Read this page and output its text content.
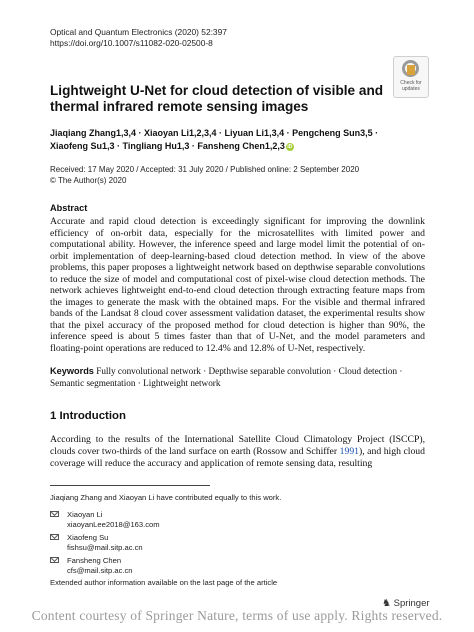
Optical and Quantum Electronics (2020) 52:397
https://doi.org/10.1007/s11082-020-02500-8
Check for
updates
Lightweight U-Net for cloud detection of visible and thermal infrared remote sensing images
Jiaqiang Zhang1,3,4 · Xiaoyan Li1,2,3,4 · Liyuan Li1,3,4 · Pengcheng Sun3,5 ·
Xiaofeng Su1,3 · Tingliang Hu1,3 · Fansheng Chen1,2,3 iD
Received: 17 May 2020 / Accepted: 31 July 2020 / Published online: 2 September 2020
© The Author(s) 2020
Abstract
Accurate and rapid cloud detection is exceedingly significant for improving the downlink efficiency of on-orbit data, especially for the microsatellites with limited power and computational ability. However, the inference speed and large model limit the potential of on-orbit implementation of deep-learning-based cloud detection method. In view of the above problems, this paper proposes a lightweight network based on depthwise separable convolutions to reduce the size of model and computational cost of pixel-wise cloud detection methods. The network achieves lightweight end-to-end cloud detection through extracting feature maps from the images to generate the mask with the obtained maps. For the visible and thermal infrared bands of the Landsat 8 cloud cover assessment validation dataset, the experimental results show that the pixel accuracy of the proposed method for cloud detection is higher than 90%, the inference speed is about 5 times faster than that of U-Net, and the model parameters and floating-point operations are reduced to 12.4% and 12.8% of U-Net, respectively.
Keywords Fully convolutional network · Depthwise separable convolution · Cloud detection · Semantic segmentation · Lightweight network
1 Introduction
According to the results of the International Satellite Cloud Climatology Project (ISCCP), clouds cover two-thirds of the land surface on earth (Rossow and Schiffer 1991), and high cloud coverage will reduce the accuracy and application of remote sensing data, resulting
Jiaqiang Zhang and Xiaoyan Li have contributed equally to this work.
Xiaoyan Li
xiaoyanLee2018@163.com
Xiaofeng Su
fishsu@mail.sitp.ac.cn
Fansheng Chen
cfs@mail.sitp.ac.cn
Extended author information available on the last page of the article
♞ Springer
Content courtesy of Springer Nature, terms of use apply. Rights reserved.
